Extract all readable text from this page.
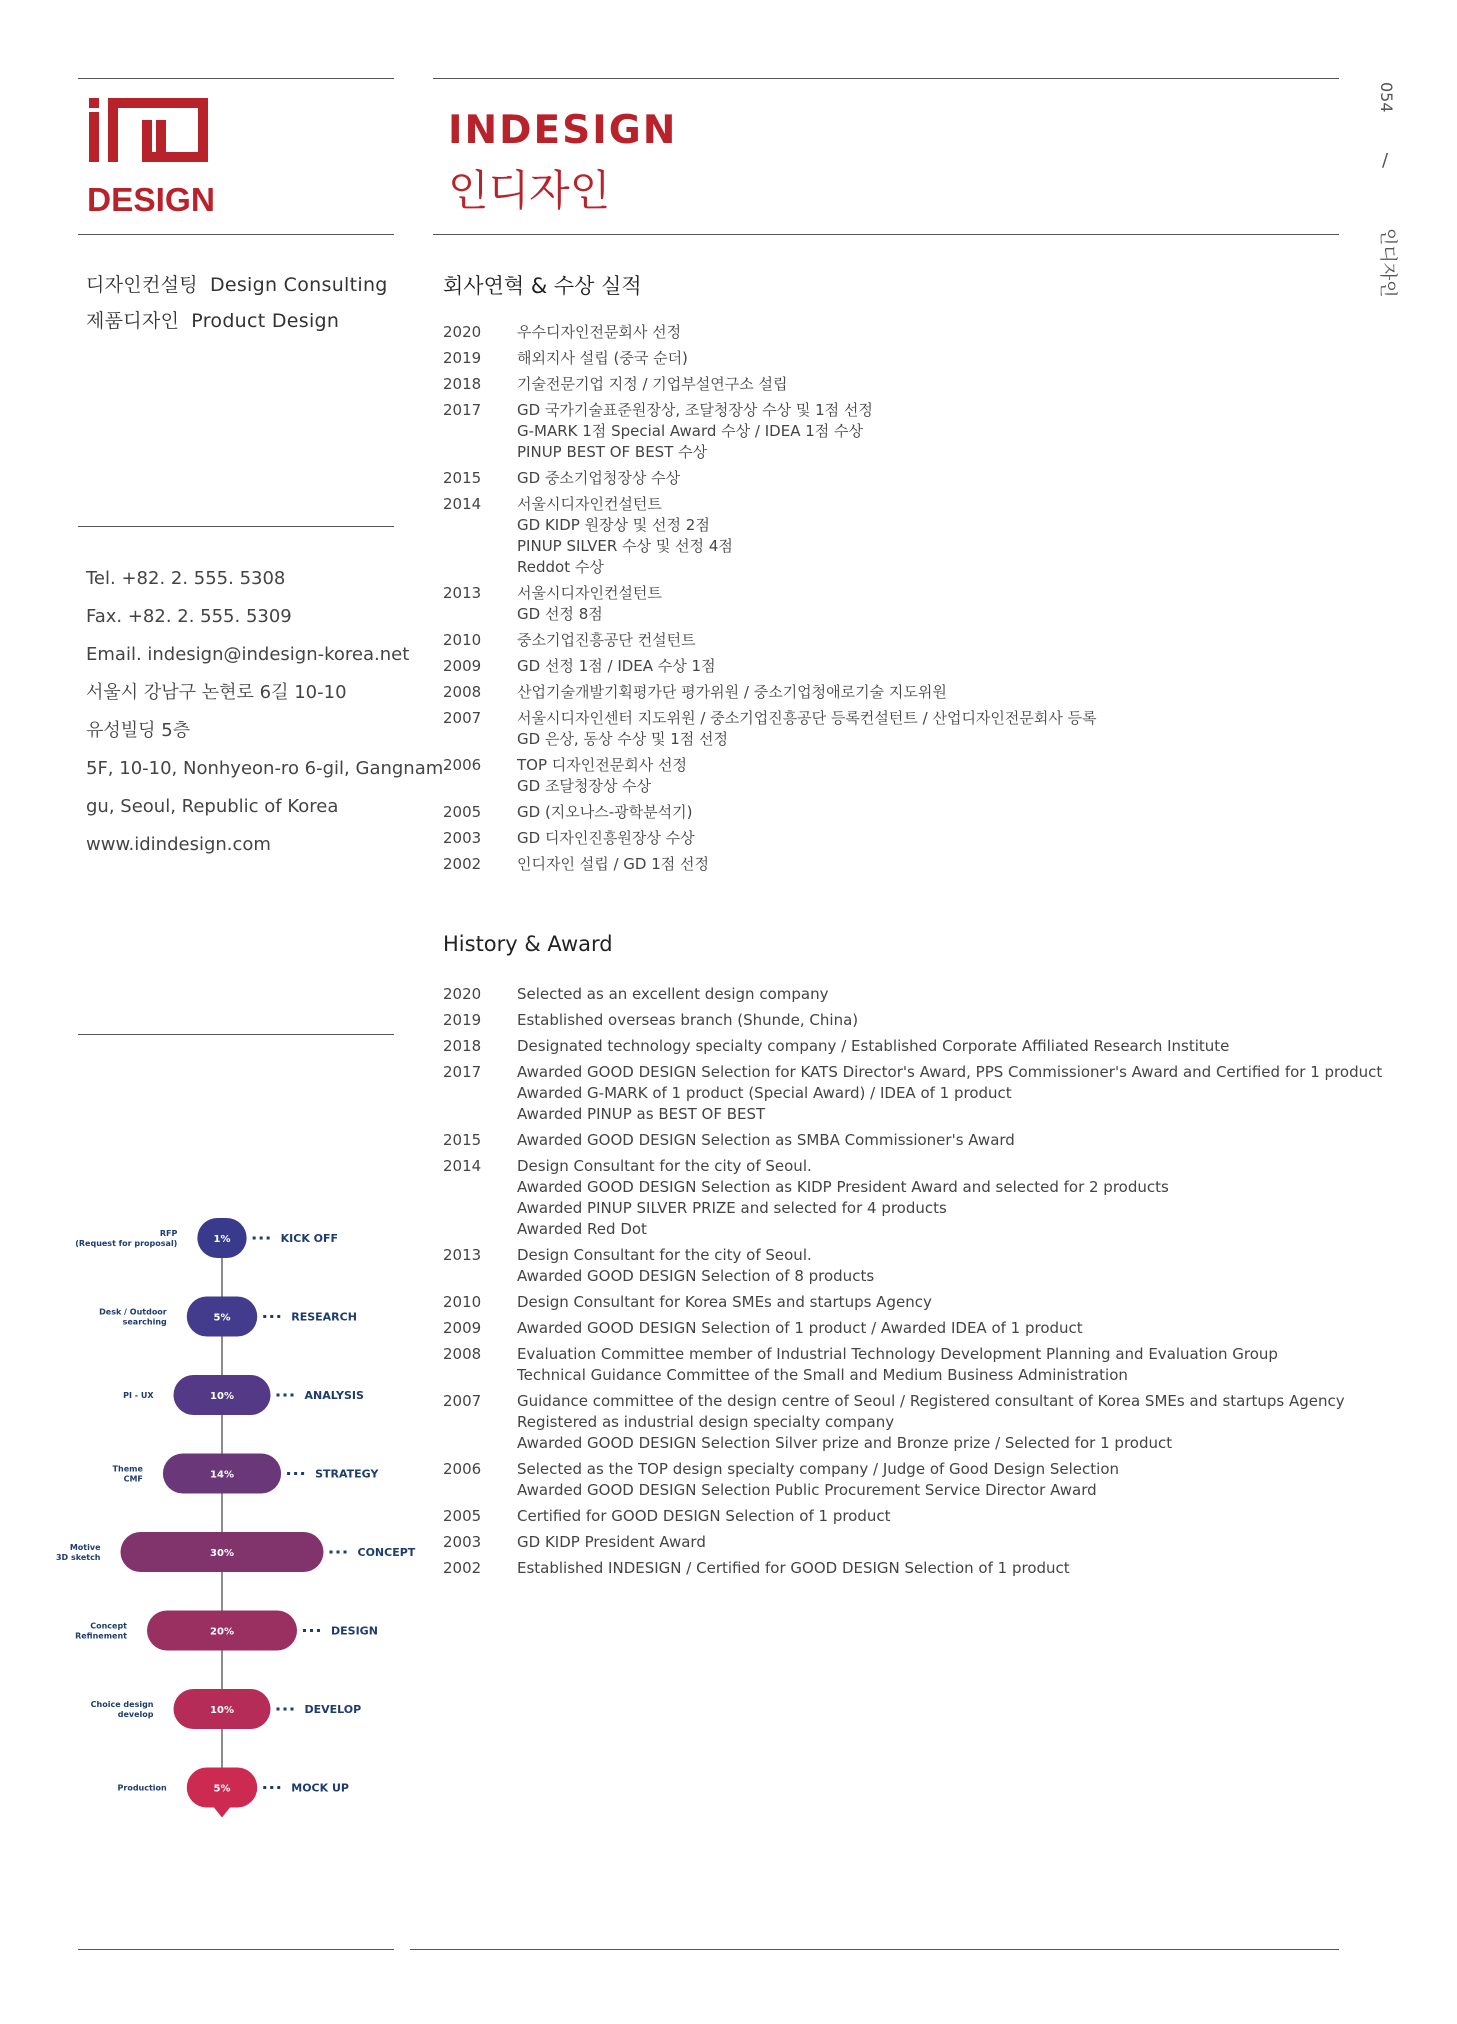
DESIGN
INDESIGN
인디자인
054
/
인디자인
디자인컨설팅 Design Consulting
제품디자인 Product Design
Tel. +82. 2. 555. 5308
Fax. +82. 2. 555. 5309
Email. indesign@indesign-korea.net
서울시 강남구 논현로 6길 10-10
유성빌딩 5층
5F, 10-10, Nonhyeon-ro 6-gil, Gangnam-
gu, Seoul, Republic of Korea
www.idindesign.com
회사연혁 & 수상 실적
2020	우수디자인전문회사 선정
2019	해외지사 설립 (중국 순더)
2018	기술전문기업 지정 / 기업부설연구소 설립
2017	GD 국가기술표준원장상, 조달청장상 수상 및 1점 선정
G-MARK 1점 Special Award 수상 / IDEA 1점 수상
PINUP BEST OF BEST 수상
2015	GD 중소기업청장상 수상
2014	서울시디자인컨설턴트
GD KIDP 원장상 및 선정 2점
PINUP SILVER 수상 및 선정 4점
Reddot 수상
2013	서울시디자인컨설턴트
GD 선정 8점
2010	중소기업진흥공단 컨설턴트
2009	GD 선정 1점 / IDEA 수상 1점
2008	산업기술개발기획평가단 평가위원 / 중소기업청애로기술 지도위원
2007	서울시디자인센터 지도위원 / 중소기업진흥공단 등록컨설턴트 / 산업디자인전문회사 등록
GD 은상, 동상 수상 및 1점 선정
2006	TOP 디자인전문회사 선정
GD 조달청장상 수상
2005	GD (지오나스-광학분석기)
2003	GD 디자인진흥원장상 수상
2002	인디자인 설립 / GD 1점 선정
History & Award
2020	Selected as an excellent design company
2019	Established overseas branch (Shunde, China)
2018	Designated technology specialty company / Established Corporate Affiliated Research Institute
2017	Awarded GOOD DESIGN Selection for KATS Director's Award, PPS Commissioner's Award and Certified for 1 product
Awarded G-MARK of 1 product (Special Award) / IDEA of 1 product
Awarded PINUP as BEST OF BEST
2015	Awarded GOOD DESIGN Selection as SMBA Commissioner's Award
2014	Design Consultant for the city of Seoul.
Awarded GOOD DESIGN Selection as KIDP President Award and selected for 2 products
Awarded PINUP SILVER PRIZE and selected for 4 products
Awarded Red Dot
2013	Design Consultant for the city of Seoul.
Awarded GOOD DESIGN Selection of 8 products
2010	Design Consultant for Korea SMEs and startups Agency
2009	Awarded GOOD DESIGN Selection of 1 product / Awarded IDEA of 1 product
2008	Evaluation Committee member of Industrial Technology Development Planning and Evaluation Group
Technical Guidance Committee of the Small and Medium Business Administration
2007	Guidance committee of the design centre of Seoul / Registered consultant of Korea SMEs and startups Agency
Registered as industrial design specialty company
Awarded GOOD DESIGN Selection Silver prize and Bronze prize / Selected for 1 product
2006	Selected as the TOP design specialty company / Judge of Good Design Selection
Awarded GOOD DESIGN Selection Public Procurement Service Director Award
2005	Certified for GOOD DESIGN Selection of 1 product
2003	GD KIDP President Award
2002	Established INDESIGN / Certified for GOOD DESIGN Selection of 1 product
1%
RFP
(Request for proposal)	KICK OFF
5%
Desk / Outdoor
searching	RESEARCH
10%
PI - UX	ANALYSIS
14%
Theme
CMF	STRATEGY
30%
Motive
3D sketch	CONCEPT
20%
Concept
Refinement	DESIGN
10%
Choice design
develop	DEVELOP
5%
Production	MOCK UP
